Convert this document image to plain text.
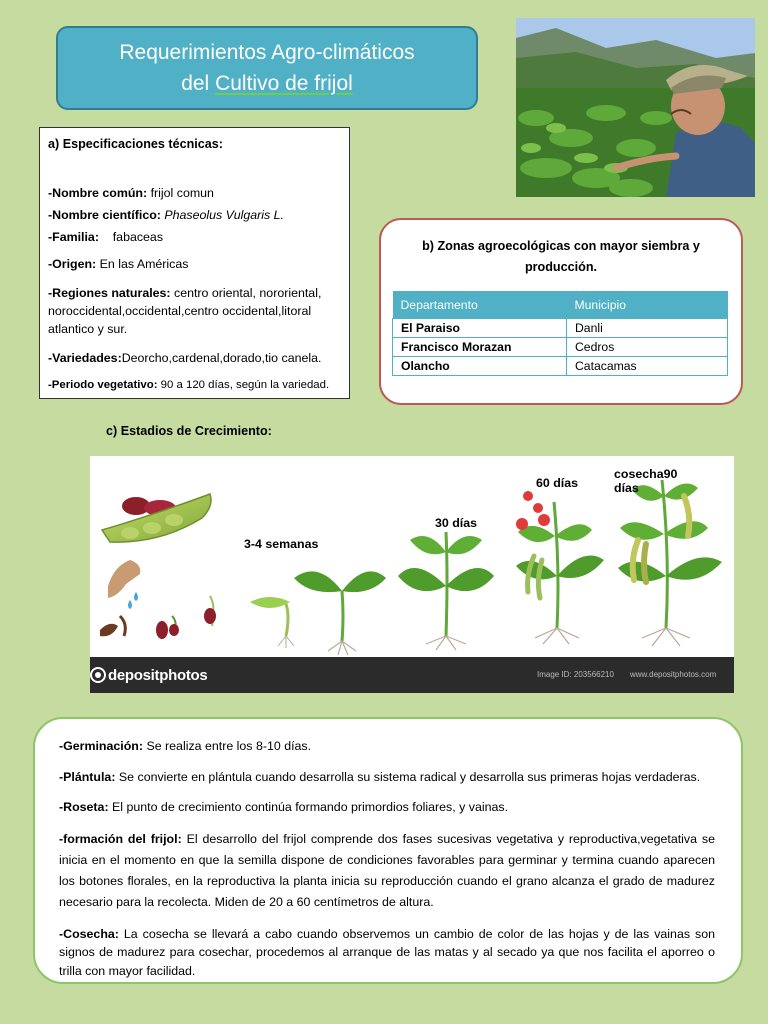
Requerimientos Agro-climáticos
del Cultivo de frijol

a) Especificaciones técnicas:

-Nombre común: frijol comun

-Nombre científico: Phaseolus Vulgaris L.

-Familia: fabaceas

-Origen: En las Américas

-Regiones naturales: centro oriental, nororiental, noroccidental,occidental,centro occidental,litoral atlantico y sur.

-Variedades:Deorcho,cardenal,dorado,tio canela.

-Periodo vegetativo: 90 a 120 días, según la variedad.

b) Zonas agroecológicas con mayor siembra y producción.
Departamento	Municipio
El Paraiso	Danli
Francisco Morazan	Cedros
Olancho	Catacamas
c) Estadios de Crecimiento:
3-4 semanas
30 días
60 días
cosecha90
días
depositphotos	Image ID: 203566210 www.depositphotos.com

-Germinación: Se realiza entre los 8-10 días.

-Plántula: Se convierte en plántula cuando desarrolla su sistema radical y desarrolla sus primeras hojas verdaderas.

-Roseta: El punto de crecimiento continúa formando primordios foliares, y vainas.

-formación del frijol: El desarrollo del frijol comprende dos fases sucesivas vegetativa y reproductiva,vegetativa se inicia en el momento en que la semilla dispone de condiciones favorables para germinar y termina cuando aparecen los botones florales, en la reproductiva la planta inicia su reproducción cuando el grano alcanza el grado de madurez necesario para la recolecta. Miden de 20 a 60 centímetros de altura.

-Cosecha: La cosecha se llevará a cabo cuando observemos un cambio de color de las hojas y de las vainas son signos de madurez para cosechar, procedemos al arranque de las matas y al secado ya que nos facilita el aporreo o trilla con mayor facilidad.
